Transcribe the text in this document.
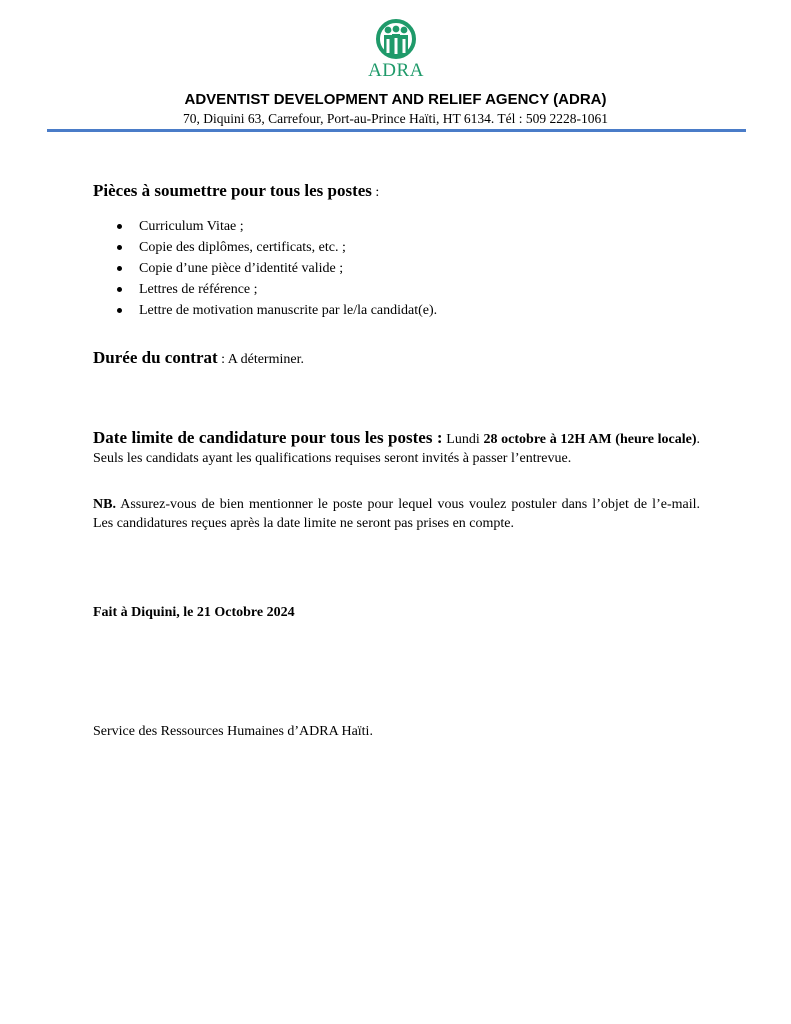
ADRA
ADVENTIST DEVELOPMENT AND RELIEF AGENCY (ADRA)
70, Diquini 63, Carrefour, Port-au-Prince Haïti, HT 6134. Tél : 509 2228-1061
Pièces à soumettre pour tous les postes :
Curriculum Vitae ;
Copie des diplômes, certificats, etc. ;
Copie d’une pièce d’identité valide ;
Lettres de référence ;
Lettre de motivation manuscrite par le/la candidat(e).
Durée du contrat : A déterminer.
Date limite de candidature pour tous les postes : Lundi 28 octobre à 12H AM (heure locale). Seuls les candidats ayant les qualifications requises seront invités à passer l’entrevue.
NB. Assurez-vous de bien mentionner le poste pour lequel vous voulez postuler dans l’objet de l’e-mail. Les candidatures reçues après la date limite ne seront pas prises en compte.
Fait à Diquini, le 21 Octobre 2024
Service des Ressources Humaines d’ADRA Haïti.
